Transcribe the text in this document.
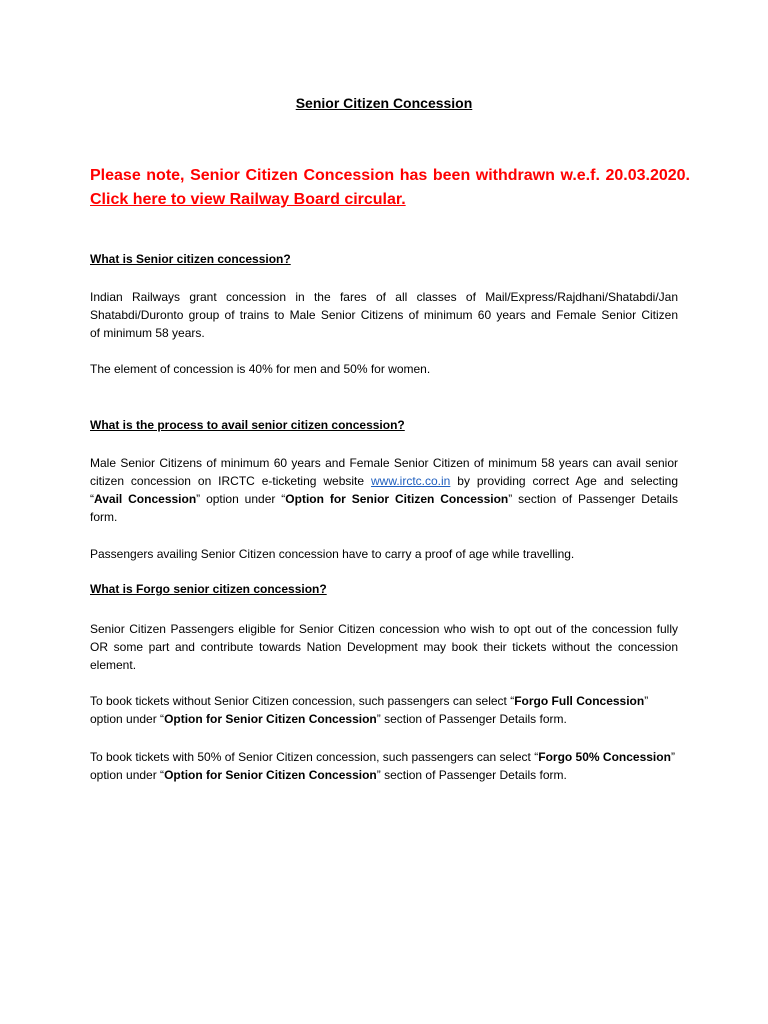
Senior Citizen Concession
Please note, Senior Citizen Concession has been withdrawn w.e.f. 20.03.2020.
Click here to view Railway Board circular.
What is Senior citizen concession?
Indian Railways grant concession in the fares of all classes of Mail/Express/Rajdhani/Shatabdi/Jan
Shatabdi/Duronto group of trains to Male Senior Citizens of minimum 60 years and Female Senior Citizen
of minimum 58 years.
The element of concession is 40% for men and 50% for women.
What is the process to avail senior citizen concession?
Male Senior Citizens of minimum 60 years and Female Senior Citizen of minimum 58 years can avail senior
citizen concession on IRCTC e-ticketing website www.irctc.co.in by providing correct Age and selecting
“Avail Concession” option under “Option for Senior Citizen Concession” section of Passenger Details
form.
Passengers availing Senior Citizen concession have to carry a proof of age while travelling.
What is Forgo senior citizen concession?
Senior Citizen Passengers eligible for Senior Citizen concession who wish to opt out of the concession fully
OR some part and contribute towards Nation Development may book their tickets without the concession
element.
To book tickets without Senior Citizen concession, such passengers can select “Forgo Full Concession”
option under “Option for Senior Citizen Concession” section of Passenger Details form.
To book tickets with 50% of Senior Citizen concession, such passengers can select “Forgo 50% Concession”
option under “Option for Senior Citizen Concession” section of Passenger Details form.
